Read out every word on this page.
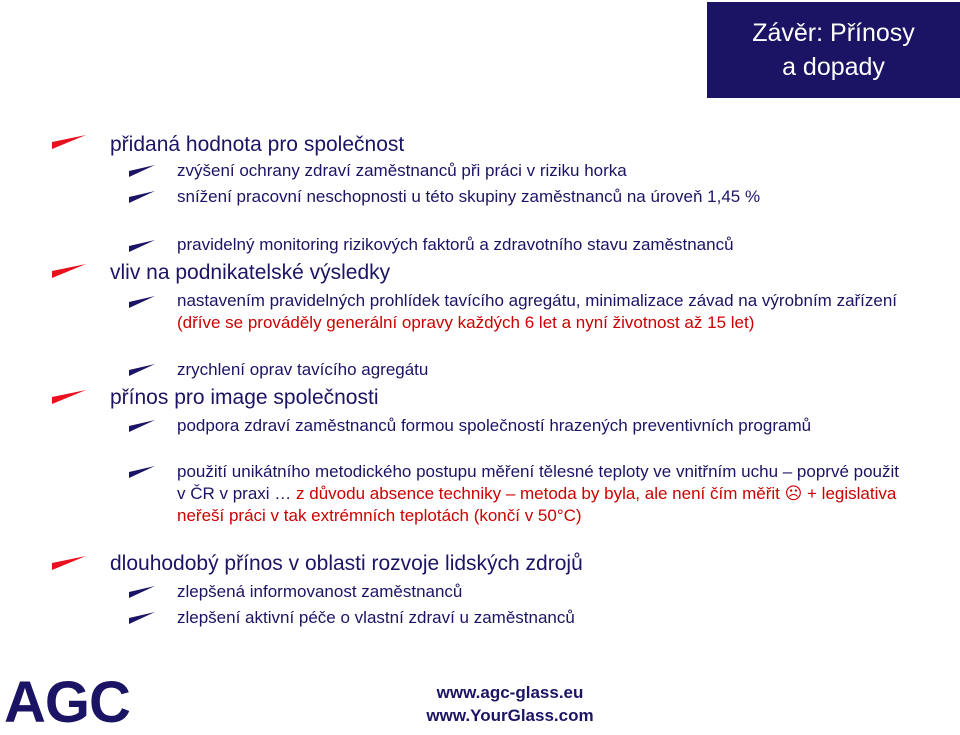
Závěr: Přínosy
a dopady
přidaná hodnota pro společnost
zvýšení ochrany zdraví zaměstnanců při práci v riziku horka
snížení pracovní neschopnosti u této skupiny zaměstnanců na úroveň 1,45 %
pravidelný monitoring rizikových faktorů a zdravotního stavu zaměstnanců
vliv na podnikatelské výsledky
nastavením pravidelných prohlídek tavícího agregátu, minimalizace závad na výrobním zařízení (dříve se prováděly generální opravy každých 6 let a nyní životnost až 15 let)
zrychlení oprav tavícího agregátu
přínos pro image společnosti
podpora zdraví zaměstnanců formou společností hrazených preventivních programů
použití unikátního metodického postupu měření tělesné teploty ve vnitřním uchu – poprvé použit v ČR v praxi … z důvodu absence techniky – metoda by byla, ale není čím měřit ☹ + legislativa neřeší práci v tak extrémních teplotách (končí v 50°C)
dlouhodobý přínos v oblasti rozvoje lidských zdrojů
zlepšená informovanost zaměstnanců
zlepšení aktivní péče o vlastní zdraví u zaměstnanců
AGC	www.agc-glass.eu
www.YourGlass.com
